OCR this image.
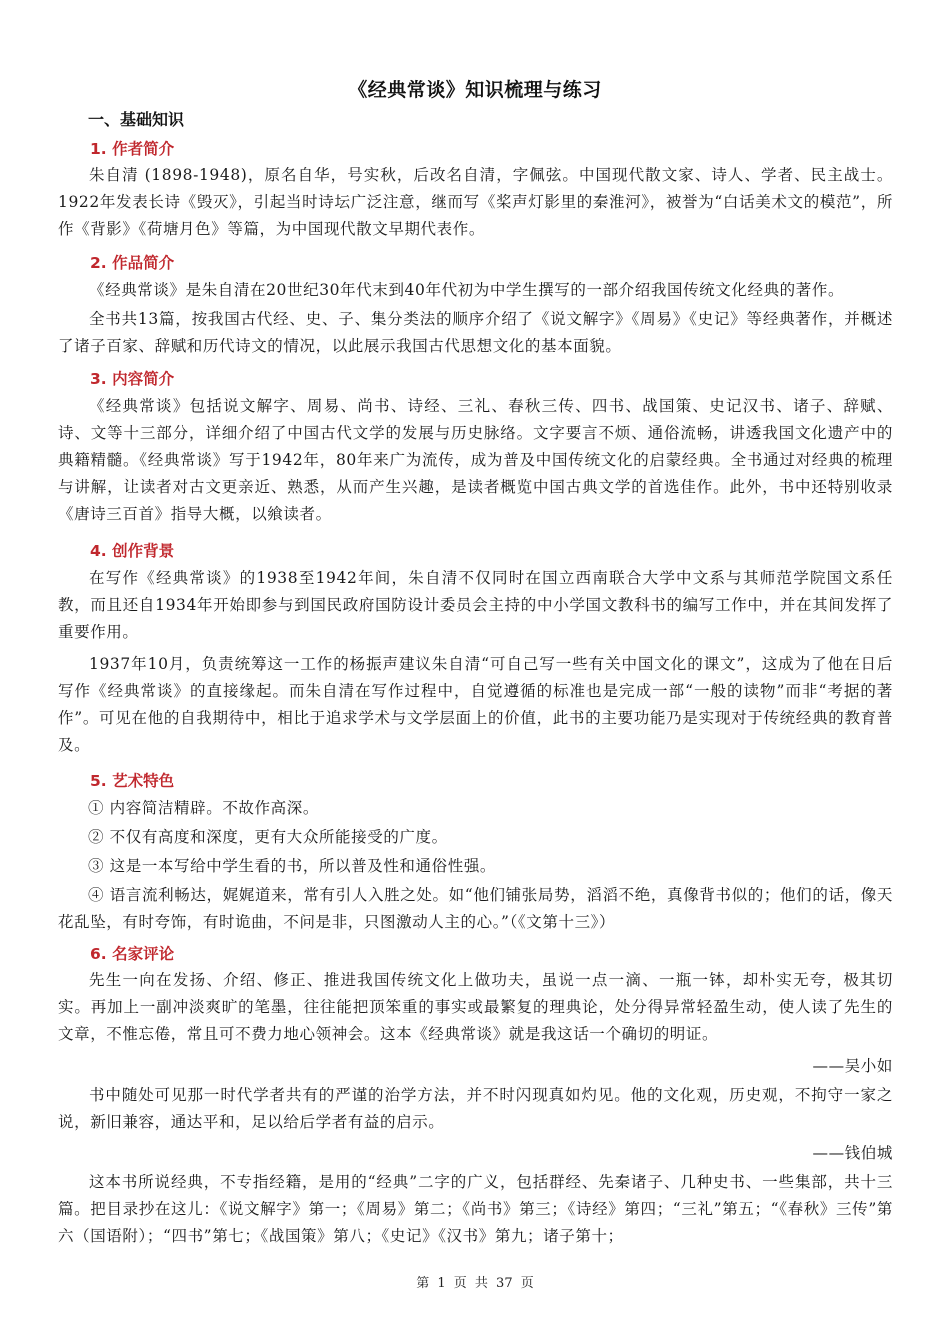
《经典常谈》知识梳理与练习
一、基础知识
1. 作者简介

朱自清 (1898-1948)，原名自华，号实秋，后改名自清，字佩弦。中国现代散文家、诗人、学者、民主战士。1922年发表长诗《毁灭》，引起当时诗坛广泛注意，继而写《桨声灯影里的秦淮河》，被誉为“白话美术文的模范”，所作《背影》《荷塘月色》等篇，为中国现代散文早期代表作。

2. 作品简介

《经典常谈》是朱自清在20世纪30年代末到40年代初为中学生撰写的一部介绍我国传统文化经典的著作。

全书共13篇，按我国古代经、史、子、集分类法的顺序介绍了《说文解字》《周易》《史记》等经典著作，并概述了诸子百家、辞赋和历代诗文的情况，以此展示我国古代思想文化的基本面貌。

3. 内容简介

《经典常谈》包括说文解字、周易、尚书、诗经、三礼、春秋三传、四书、战国策、史记汉书、诸子、辞赋、诗、文等十三部分，详细介绍了中国古代文学的发展与历史脉络。文字要言不烦、通俗流畅，讲透我国文化遗产中的典籍精髓。《经典常谈》写于1942年，80年来广为流传，成为普及中国传统文化的启蒙经典。全书通过对经典的梳理与讲解，让读者对古文更亲近、熟悉，从而产生兴趣，是读者概览中国古典文学的首选佳作。此外，书中还特别收录《唐诗三百首》指导大概，以飨读者。

4. 创作背景

在写作《经典常谈》的1938至1942年间，朱自清不仅同时在国立西南联合大学中文系与其师范学院国文系任教，而且还自1934年开始即参与到国民政府国防设计委员会主持的中小学国文教科书的编写工作中，并在其间发挥了重要作用。

1937年10月，负责统筹这一工作的杨振声建议朱自清“可自己写一些有关中国文化的课文”，这成为了他在日后写作《经典常谈》的直接缘起。而朱自清在写作过程中，自觉遵循的标准也是完成一部“一般的读物”而非“考据的著作”。可见在他的自我期待中，相比于追求学术与文学层面上的价值，此书的主要功能乃是实现对于传统经典的教育普及。

5. 艺术特色

① 内容简洁精辟。不故作高深。

② 不仅有高度和深度，更有大众所能接受的广度。

③ 这是一本写给中学生看的书，所以普及性和通俗性强。

④ 语言流利畅达，娓娓道来，常有引人入胜之处。如“他们铺张局势，滔滔不绝，真像背书似的；他们的话，像天花乱坠，有时夸饰，有时诡曲，不问是非，只图激动人主的心。”（《文第十三》）

6. 名家评论

先生一向在发扬、介绍、修正、推进我国传统文化上做功夫，虽说一点一滴、一瓶一钵，却朴实无夸，极其切实。再加上一副冲淡爽旷的笔墨，往往能把顶笨重的事实或最繁复的理典论，处分得异常轻盈生动，使人读了先生的文章，不惟忘倦，常且可不费力地心领神会。这本《经典常谈》就是我这话一个确切的明证。

——吴小如

书中随处可见那一时代学者共有的严谨的治学方法，并不时闪现真如灼见。他的文化观，历史观，不拘守一家之说，新旧兼容，通达平和，足以给后学者有益的启示。

——钱伯城

这本书所说经典，不专指经籍，是用的“经典”二字的广义，包括群经、先秦诸子、几种史书、一些集部，共十三篇。把目录抄在这儿：《说文解字》第一；《周易》第二；《尚书》第三；《诗经》第四；“三礼”第五；“《春秋》三传”第六（国语附）；“四书”第七；《战国策》第八；《史记》《汉书》第九；诸子第十；

第 1 页 共 37 页
